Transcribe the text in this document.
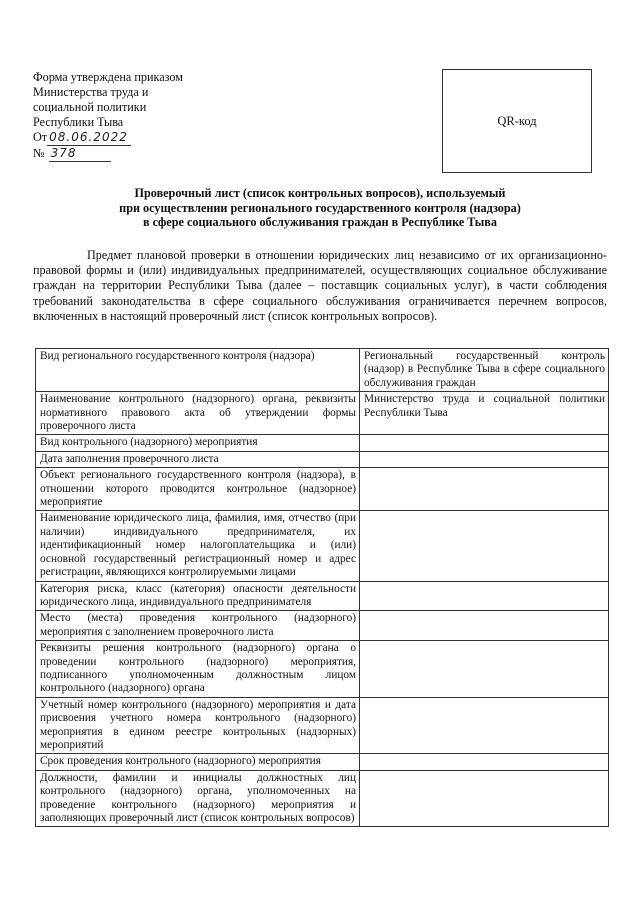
Форма утверждена приказом
Министерства труда и
социальной политики
Республики Тыва
От 08.06.2022
№ 378
QR-код
Проверочный лист (список контрольных вопросов), используемый
при осуществлении регионального государственного контроля (надзора)
в сфере социального обслуживания граждан в Республике Тыва
Предмет плановой проверки в отношении юридических лиц независимо от их организационно-правовой формы и (или) индивидуальных предпринимателей, осуществляющих социальное обслуживание граждан на территории Республики Тыва (далее – поставщик социальных услуг), в части соблюдения требований законодательства в сфере социального обслуживания ограничивается перечнем вопросов, включенных в настоящий проверочный лист (список контрольных вопросов).
Вид регионального государственного контроля (надзора)	Региональный государственный контроль (надзор) в Республике Тыва в сфере социального обслуживания граждан
Наименование контрольного (надзорного) органа, реквизиты нормативного правового акта об утверждении формы проверочного листа	Министерство труда и социальной политики Республики Тыва
Вид контрольного (надзорного) мероприятия	
Дата заполнения проверочного листа	
Объект регионального государственного контроля (надзора), в отношении которого проводится контрольное (надзорное) мероприятие	
Наименование юридического лица, фамилия, имя, отчество (при наличии) индивидуального предпринимателя, их идентификационный номер налогоплательщика и (или) основной государственный регистрационный номер и адрес регистрации, являющихся контролируемыми лицами	
Категория риска, класс (категория) опасности деятельности юридического лица, индивидуального предпринимателя	
Место (места) проведения контрольного (надзорного) мероприятия с заполнением проверочного листа	
Реквизиты решения контрольного (надзорного) органа о проведении контрольного (надзорного) мероприятия, подписанного уполномоченным должностным лицом контрольного (надзорного) органа	
Учетный номер контрольного (надзорного) мероприятия и дата присвоения учетного номера контрольного (надзорного) мероприятия в едином реестре контрольных (надзорных) мероприятий	
Срок проведения контрольного (надзорного) мероприятия	
Должности, фамилии и инициалы должностных лиц контрольного (надзорного) органа, уполномоченных на проведение контрольного (надзорного) мероприятия и заполняющих проверочный лист (список контрольных вопросов)	
